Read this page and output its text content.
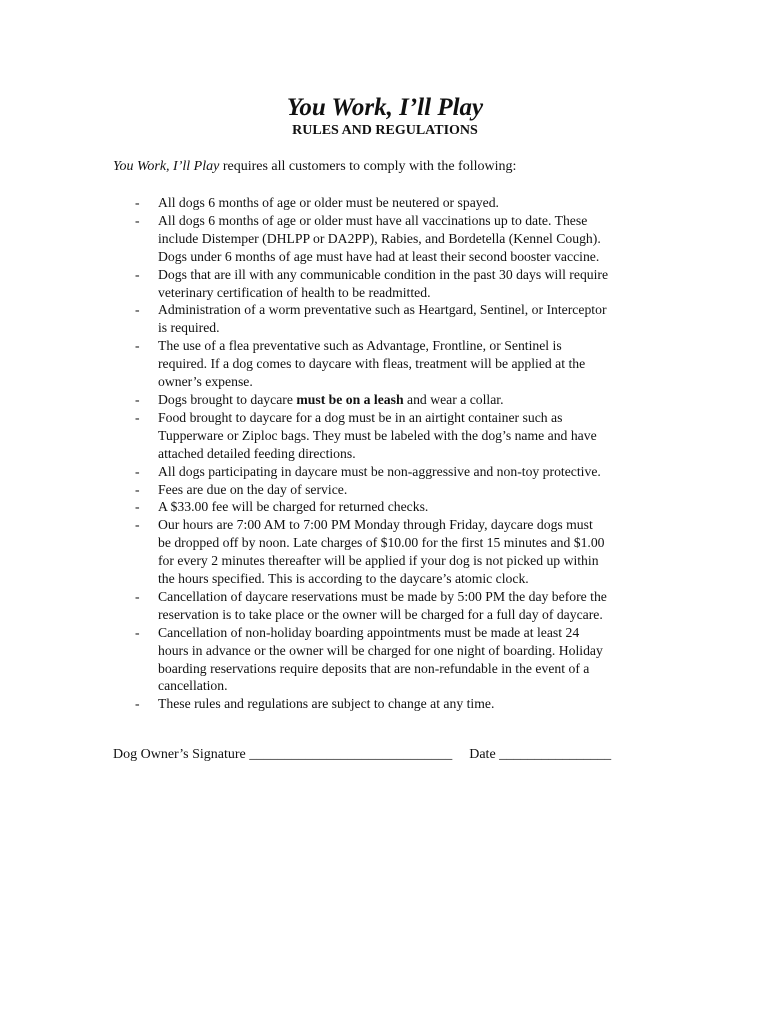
You Work, I’ll Play
RULES AND REGULATIONS
You Work, I’ll Play requires all customers to comply with the following:
- All dogs 6 months of age or older must be neutered or spayed.
- All dogs 6 months of age or older must have all vaccinations up to date. These
include Distemper (DHLPP or DA2PP), Rabies, and Bordetella (Kennel Cough).
Dogs under 6 months of age must have had at least their second booster vaccine.
- Dogs that are ill with any communicable condition in the past 30 days will require
veterinary certification of health to be readmitted.
- Administration of a worm preventative such as Heartgard, Sentinel, or Interceptor
is required.
- The use of a flea preventative such as Advantage, Frontline, or Sentinel is
required. If a dog comes to daycare with fleas, treatment will be applied at the
owner’s expense.
- Dogs brought to daycare must be on a leash and wear a collar.
- Food brought to daycare for a dog must be in an airtight container such as
Tupperware or Ziploc bags. They must be labeled with the dog’s name and have
attached detailed feeding directions.
- All dogs participating in daycare must be non-aggressive and non-toy protective.
- Fees are due on the day of service.
- A $33.00 fee will be charged for returned checks.
- Our hours are 7:00 AM to 7:00 PM Monday through Friday, daycare dogs must
be dropped off by noon. Late charges of $10.00 for the first 15 minutes and $1.00
for every 2 minutes thereafter will be applied if your dog is not picked up within
the hours specified. This is according to the daycare’s atomic clock.
- Cancellation of daycare reservations must be made by 5:00 PM the day before the
reservation is to take place or the owner will be charged for a full day of daycare.
- Cancellation of non-holiday boarding appointments must be made at least 24
hours in advance or the owner will be charged for one night of boarding. Holiday
boarding reservations require deposits that are non-refundable in the event of a
cancellation.
- These rules and regulations are subject to change at any time.
Dog Owner’s Signature _____________________________ Date ________________
